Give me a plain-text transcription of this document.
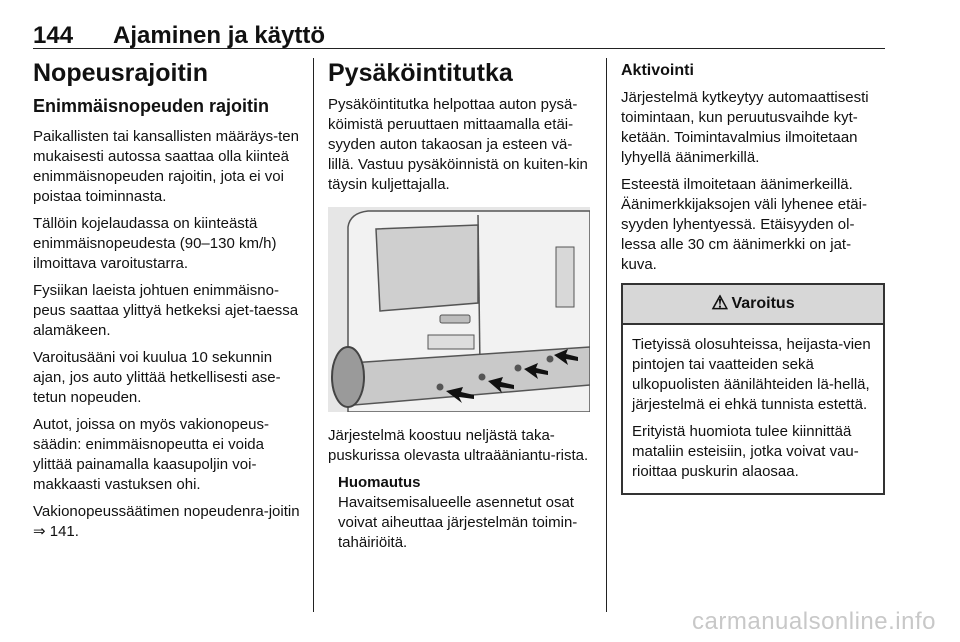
144 Ajaminen ja käyttö
Nopeusrajoitin
Enimmäisnopeuden rajoitin

Paikallisten tai kansallisten määräys-ten mukaisesti autossa saattaa olla kiinteä enimmäisnopeuden rajoitin, jota ei voi poistaa toiminnasta.

Tällöin kojelaudassa on kiinteästä enimmäisnopeudesta (90–130 km/h) ilmoittava varoitustarra.

Fysiikan laeista johtuen enimmäisno-peus saattaa ylittyä hetkeksi ajet-taessa alamäkeen.

Varoitusääni voi kuulua 10 sekunnin ajan, jos auto ylittää hetkellisesti ase-tetun nopeuden.

Autot, joissa on myös vakionopeus-säädin: enimmäisnopeutta ei voida ylittää painamalla kaasupoljin voi-makkaasti vastuksen ohi.

Vakionopeussäätimen nopeudenra-joitin ⇒ 141.

Pysäköintitutka

Pysäköintitutka helpottaa auton pysä-köimistä peruuttaen mittaamalla etäi-syyden auton takaosan ja esteen vä-lillä. Vastuu pysäköinnistä on kuiten-kin täysin kuljettajalla.

Järjestelmä koostuu neljästä taka-puskurissa olevasta ultraääniantu-rista.

Huomautus

Havaitsemisalueelle asennetut osat voivat aiheuttaa järjestelmän toimin-tahäiriöitä.

Aktivointi

Järjestelmä kytkeytyy automaattisesti toimintaan, kun peruutusvaihde kyt-ketään. Toimintavalmius ilmoitetaan lyhyellä äänimerkillä.

Esteestä ilmoitetaan äänimerkeillä. Äänimerkkijaksojen väli lyhenee etäi-syyden lyhentyessä. Etäisyyden ol-lessa alle 30 cm äänimerkki on jat-kuva.

⚠ Varoitus

Tietyissä olosuhteissa, heijasta-vien pintojen tai vaatteiden sekä ulkopuolisten äänilähteiden lä-hellä, järjestelmä ei ehkä tunnista estettä.

Erityistä huomiota tulee kiinnittää mataliin esteisiin, jotka voivat vau-rioittaa puskurin alaosaa.

carmanualsonline.info
